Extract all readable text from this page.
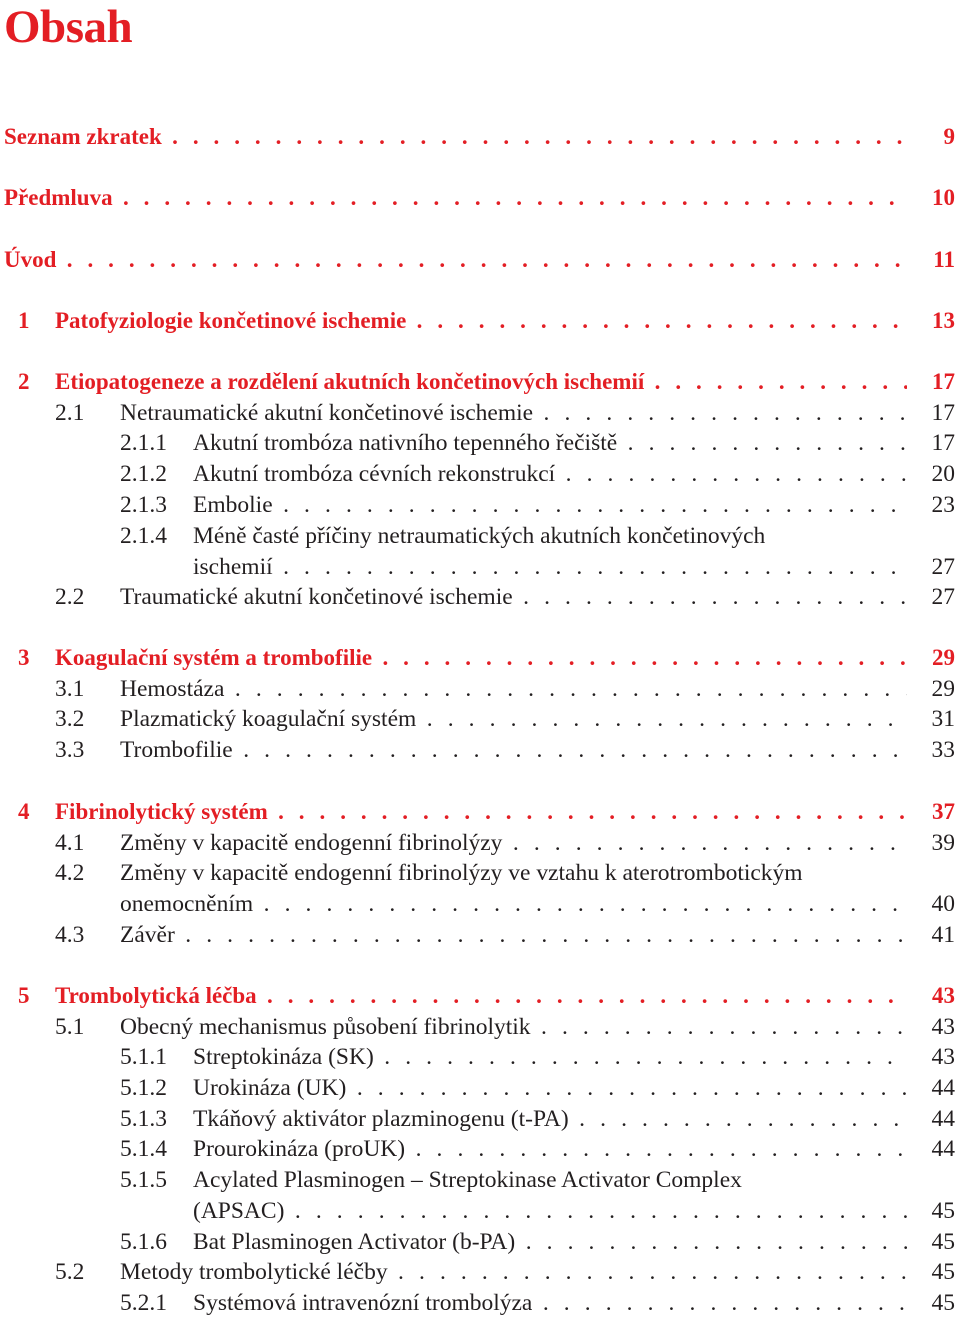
Obsah
Seznam zkratek . . .	9
Předmluva . . .	10
Úvod . . .	11
1 Patofyziologie končetinové ischemie . . .	13
2 Etiopatogeneze a rozdělení akutních končetinových ischemií . . .	17
2.1 Netraumatické akutní končetinové ischemie . . .	17
2.1.1 Akutní trombóza nativního tepenného řečiště . . .	17
2.1.2 Akutní trombóza cévních rekonstrukcí . . .	20
2.1.3 Embolie . . .	23
2.1.4 Méně časté příčiny netraumatických akutních končetinových
ischemií . . .	27
2.2 Traumatické akutní končetinové ischemie . . .	27
3 Koagulační systém a trombofilie . . .	29
3.1 Hemostáza . . .	29
3.2 Plazmatický koagulační systém . . .	31
3.3 Trombofilie . . .	33
4 Fibrinolytický systém . . .	37
4.1 Změny v kapacitě endogenní fibrinolýzy . . .	39
4.2 Změny v kapacitě endogenní fibrinolýzy ve vztahu k aterotrombotickým
onemocněním . . .	40
4.3 Závěr . . .	41
5 Trombolytická léčba . . .	43
5.1 Obecný mechanismus působení fibrinolytik . . .	43
5.1.1 Streptokináza (SK) . . .	43
5.1.2 Urokináza (UK) . . .	44
5.1.3 Tkáňový aktivátor plazminogenu (t-PA) . . .	44
5.1.4 Prourokináza (proUK) . . .	44
5.1.5 Acylated Plasminogen – Streptokinase Activator Complex
(APSAC) . . .	45
5.1.6 Bat Plasminogen Activator (b-PA) . . .	45
5.2 Metody trombolytické léčby . . .	45
5.2.1 Systémová intravenózní trombolýza . . .	45
